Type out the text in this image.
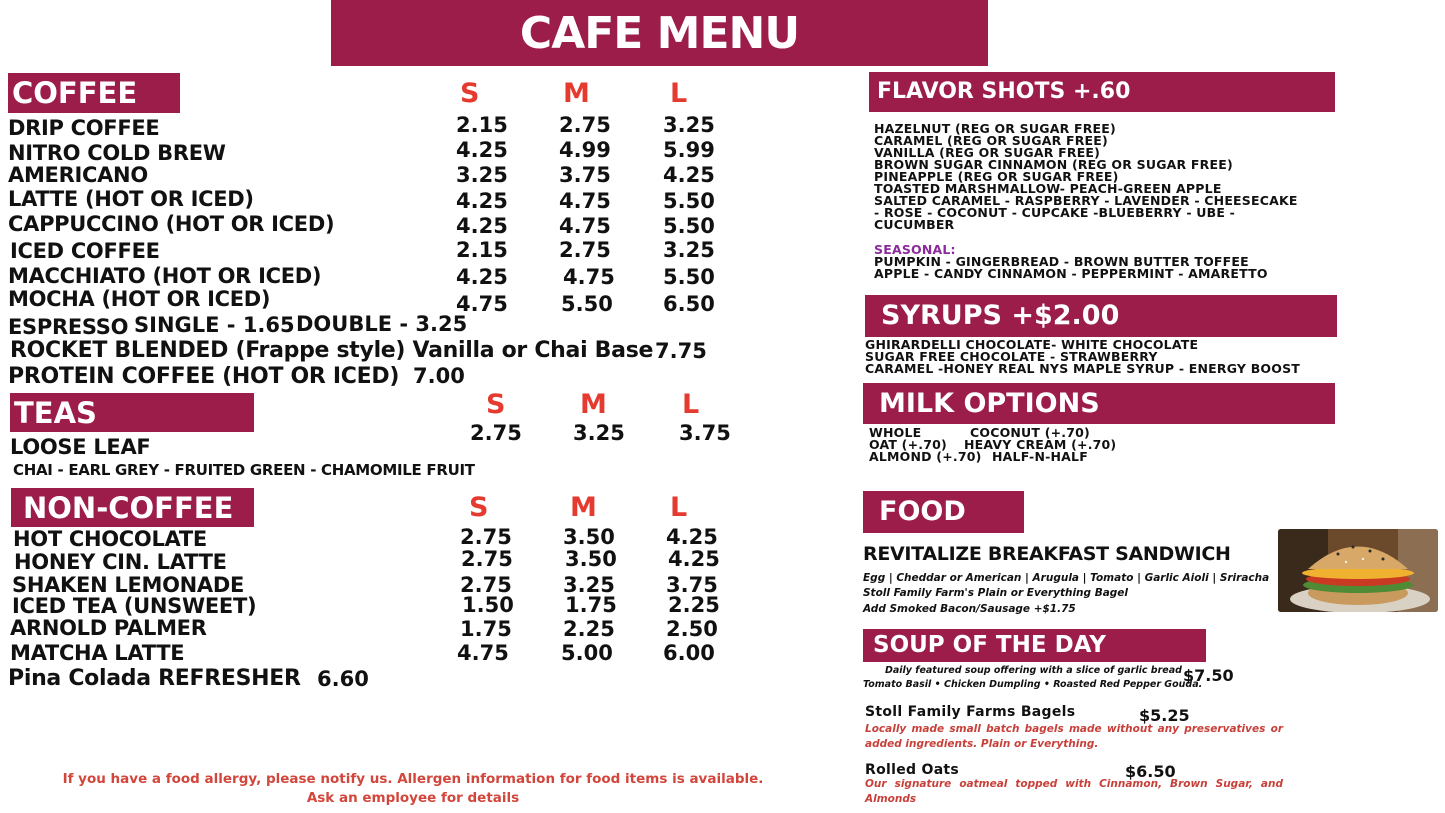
CAFE MENU
COFFEE	S	M	L
DRIP COFFEE	2.15 2.75 3.25
NITRO COLD BREW	4.25 4.99 5.99
AMERICANO	3.25 3.75 4.25
LATTE (HOT OR ICED)	4.25 4.75 5.50
CAPPUCCINO (HOT OR ICED)	4.25 4.75 5.50
ICED COFFEE	2.15 2.75 3.25
MACCHIATO (HOT OR ICED)	4.25	4.75 5.50
MOCHA (HOT OR ICED)	4.75	5.50 6.50
ESPRESSO SINGLE - 1.65 DOUBLE - 3.25
ROCKET BLENDED (Frappe style) Vanilla or Chai Base 7.75
PROTEIN COFFEE (HOT OR ICED) 7.00
TEAS	S	M	L
2.75 3.25	3.75
LOOSE LEAF
CHAI - EARL GREY - FRUITED GREEN - CHAMOMILE FRUIT
NON-COFFEE	S	M	L
HOT CHOCOLATE	2.75 3.50 4.25
HONEY CIN. LATTE	2.75 3.50 4.25
SHAKEN LEMONADE	2.75 3.25 3.75
ICED TEA (UNSWEET)	1.50 1.75 2.25
ARNOLD PALMER	1.75 2.25 2.50
MATCHA LATTE	4.75 5.00 6.00
Pina Colada REFRESHER 6.60
If you have a food allergy, please notify us. Allergen information for food items is available.
Ask an employee for details
FLAVOR SHOTS +.60
HAZELNUT (REG OR SUGAR FREE)
CARAMEL (REG OR SUGAR FREE)
VANILLA (REG OR SUGAR FREE)
BROWN SUGAR CINNAMON (REG OR SUGAR FREE)
PINEAPPLE (REG OR SUGAR FREE)
TOASTED MARSHMALLOW- PEACH-GREEN APPLE
SALTED CARAMEL - RASPBERRY - LAVENDER - CHEESECAKE
- ROSE - COCONUT - CUPCAKE -BLUEBERRY - UBE -
CUCUMBER
SEASONAL:
PUMPKIN - GINGERBREAD - BROWN BUTTER TOFFEE
APPLE - CANDY CINNAMON - PEPPERMINT - AMARETTO
SYRUPS +$2.00
GHIRARDELLI CHOCOLATE- WHITE CHOCOLATE
SUGAR FREE CHOCOLATE - STRAWBERRY
CARAMEL -HONEY REAL NYS MAPLE SYRUP - ENERGY BOOST
MILK OPTIONS
WHOLE
OAT (+.70)
ALMOND (+.70)
COCONUT (+.70)
HEAVY CREAM (+.70)
HALF-N-HALF
FOOD
REVITALIZE BREAKFAST SANDWICH
Egg | Cheddar or American | Arugula | Tomato | Garlic Aioli | Sriracha
Stoll Family Farm's Plain or Everything Bagel
Add Smoked Bacon/Sausage +$1.75
SOUP OF THE DAY
Daily featured soup offering with a slice of garlic bread
Tomato Basil • Chicken Dumpling • Roasted Red Pepper Gouda.
$7.50
Stoll Family Farms Bagels	$5.25
Locally made small batch bagels made without any preservatives or added ingredients. Plain or Everything.
Rolled Oats	$6.50
Our signature oatmeal topped with Cinnamon, Brown Sugar, and Almonds
